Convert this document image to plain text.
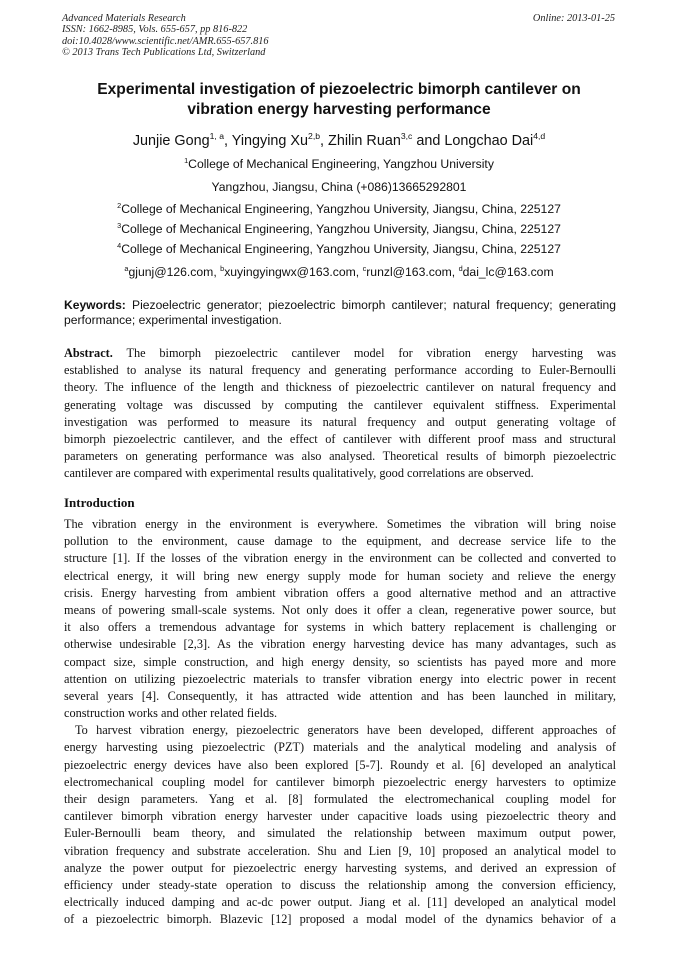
Advanced Materials Research
ISSN: 1662-8985, Vols. 655-657, pp 816-822
doi:10.4028/www.scientific.net/AMR.655-657.816
© 2013 Trans Tech Publications Ltd, Switzerland
Online: 2013-01-25
Experimental investigation of piezoelectric bimorph cantilever on
vibration energy harvesting performance
Junjie Gong$^{1, a}$, Yingying Xu$^{2,b}$, Zhilin Ruan$^{3,c}$ and Longchao Dai$^{4,d}$
$^1$College of Mechanical Engineering, Yangzhou University
Yangzhou, Jiangsu, China (+086)13665292801
$^2$College of Mechanical Engineering, Yangzhou University, Jiangsu, China, 225127
$^3$College of Mechanical Engineering, Yangzhou University, Jiangsu, China, 225127
$^4$College of Mechanical Engineering, Yangzhou University, Jiangsu, China, 225127
$^a$gjunj@126.com, $^b$xuyingyingwx@163.com, $^c$runzl@163.com, $^d$dai_lc@163.com
Keywords: Piezoelectric generator; piezoelectric bimorph cantilever; natural frequency; generating performance; experimental investigation.
Abstract. The bimorph piezoelectric cantilever model for vibration energy harvesting was
established to analyse its natural frequency and generating performance according to Euler-Bernoulli
theory. The influence of the length and thickness of piezoelectric cantilever on natural frequency and
generating voltage was discussed by computing the cantilever equivalent stiffness. Experimental
investigation was performed to measure its natural frequency and output generating voltage of
bimorph piezoelectric cantilever, and the effect of cantilever with different proof mass and structural
parameters on generating performance was also analysed. Theoretical results of bimorph piezoelectric
cantilever are compared with experimental results qualitatively, good correlations are observed.
Introduction
The vibration energy in the environment is everywhere. Sometimes the vibration will bring noise
pollution to the environment, cause damage to the equipment, and decrease service life to the
structure [1]. If the losses of the vibration energy in the environment can be collected and converted to
electrical energy, it will bring new energy supply mode for human society and relieve the energy
crisis. Energy harvesting from ambient vibration offers a good alternative method and an attractive
means of powering small-scale systems. Not only does it offer a clean, regenerative power source, but
it also offers a tremendous advantage for systems in which battery replacement is challenging or
otherwise undesirable [2,3]. As the vibration energy harvesting device has many advantages, such as
compact size, simple construction, and high energy density, so scientists has payed more and more
attention on utilizing piezoelectric materials to transfer vibration energy into electric power in recent
several years [4]. Consequently, it has attracted wide attention and has been launched in military,
construction works and other related fields.
To harvest vibration energy, piezoelectric generators have been developed, different approaches of
energy harvesting using piezoelectric (PZT) materials and the analytical modeling and analysis of
piezoelectric energy devices have also been explored [5-7]. Roundy et al. [6] developed an analytical
electromechanical coupling model for cantilever bimorph piezoelectric energy harvesters to optimize
their design parameters. Yang et al. [8] formulated the electromechanical coupling model for
cantilever bimorph vibration energy harvester under capacitive loads using piezoelectric theory and
Euler-Bernoulli beam theory, and simulated the relationship between maximum output power,
vibration frequency and substrate acceleration. Shu and Lien [9, 10] proposed an analytical model to
analyze the power output for piezoelectric energy harvesting systems, and derived an expression of
efficiency under steady-state operation to discuss the relationship among the conversion efficiency,
electrically induced damping and ac-dc power output. Jiang et al. [11] developed an analytical model
of a piezoelectric bimorph. Blazevic [12] proposed a modal model of the dynamics behavior of a
